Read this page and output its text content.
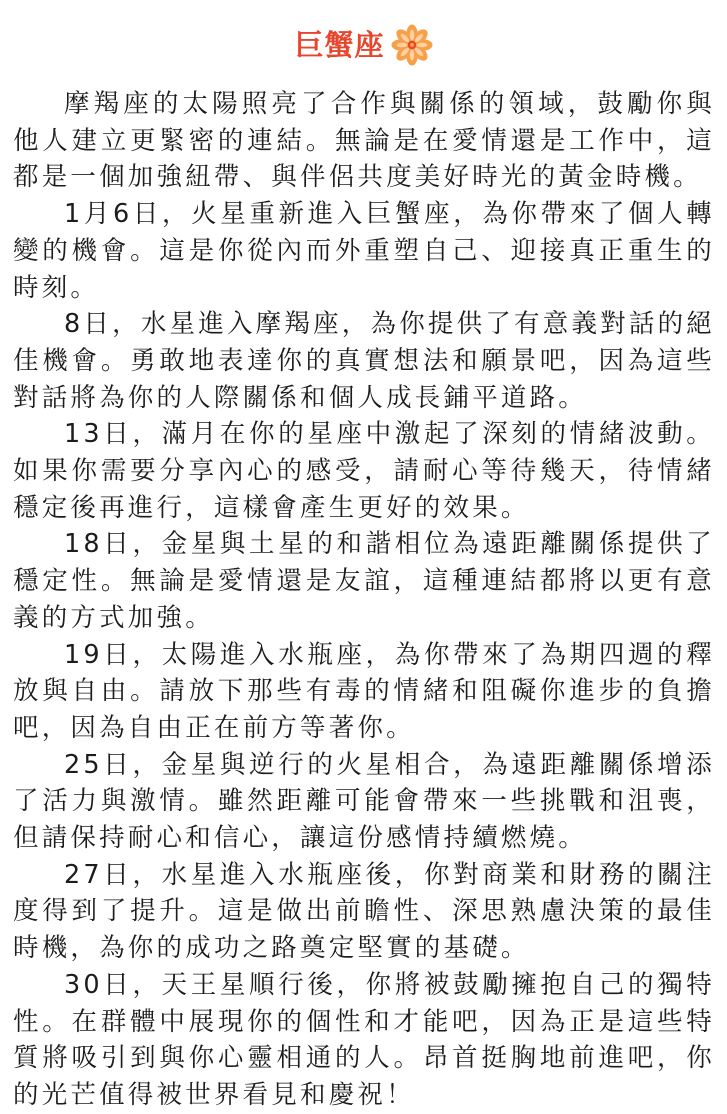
巨蟹座

摩羯座的太陽照亮了合作與關係的領域，鼓勵你與他人建立更緊密的連結。無論是在愛情還是工作中，這都是一個加強紐帶、與伴侶共度美好時光的黃金時機。

1月6日，火星重新進入巨蟹座，為你帶來了個人轉變的機會。這是你從內而外重塑自己、迎接真正重生的時刻。

8日，水星進入摩羯座，為你提供了有意義對話的絕佳機會。勇敢地表達你的真實想法和願景吧，因為這些對話將為你的人際關係和個人成長鋪平道路。

13日，滿月在你的星座中激起了深刻的情緒波動。如果你需要分享內心的感受，請耐心等待幾天，待情緒穩定後再進行，這樣會產生更好的效果。

18日，金星與土星的和諧相位為遠距離關係提供了穩定性。無論是愛情還是友誼，這種連結都將以更有意義的方式加強。

19日，太陽進入水瓶座，為你帶來了為期四週的釋放與自由。請放下那些有毒的情緒和阻礙你進步的負擔吧，因為自由正在前方等著你。

25日，金星與逆行的火星相合，為遠距離關係增添了活力與激情。雖然距離可能會帶來一些挑戰和沮喪，但請保持耐心和信心，讓這份感情持續燃燒。

27日，水星進入水瓶座後，你對商業和財務的關注度得到了提升。這是做出前瞻性、深思熟慮決策的最佳時機，為你的成功之路奠定堅實的基礎。

30日，天王星順行後，你將被鼓勵擁抱自己的獨特性。在群體中展現你的個性和才能吧，因為正是這些特質將吸引到與你心靈相通的人。昂首挺胸地前進吧，你的光芒值得被世界看見和慶祝！
